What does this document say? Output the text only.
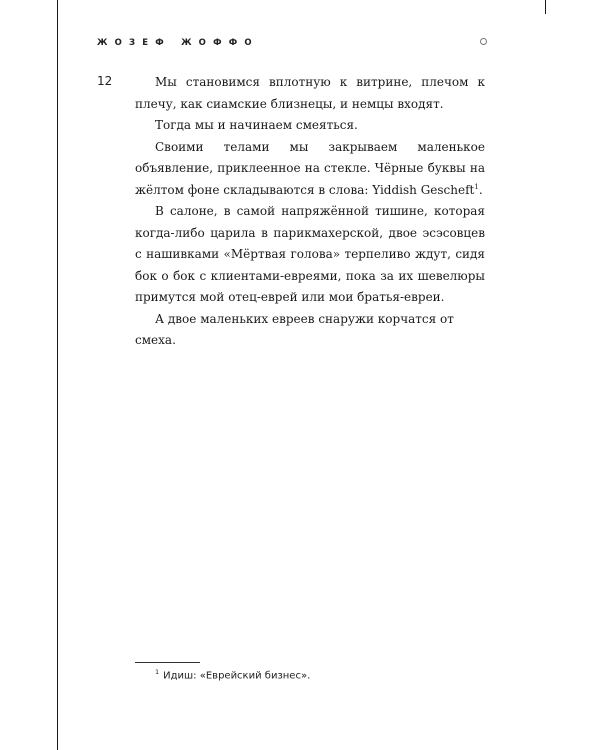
ЖОЗЕФ ЖОФФО
12	Мы становимся вплотную к витрине, плечом к плечу, как сиамские близнецы, и немцы входят.

Тогда мы и начинаем смеяться.

Своими телами мы закрываем маленькое объявление, приклеенное на стекле. Чёрные буквы на жёлтом фоне складываются в слова: Yiddish Gescheft$^1$.

В салоне, в самой напряжённой тишине, которая когда-либо царила в парикмахерской, двое эсэсовцев с нашивками «Мёртвая голова» терпеливо ждут, сидя бок о бок с клиентами-евреями, пока за их шевелюры примутся мой отец-еврей или мои братья-евреи.

А двое маленьких евреев снаружи корчатся от смеха.

$^1$ Идиш: «Еврейский бизнес».
